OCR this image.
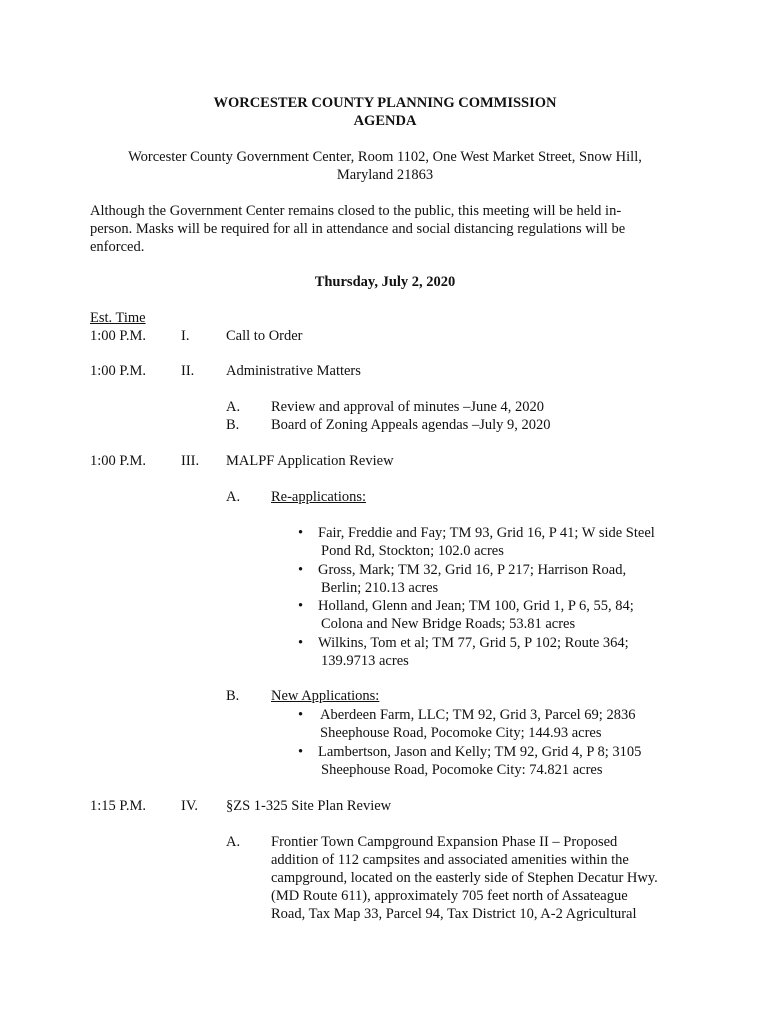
WORCESTER COUNTY PLANNING COMMISSION
AGENDA
Worcester County Government Center, Room 1102, One West Market Street, Snow Hill,
Maryland 21863
Although the Government Center remains closed to the public, this meeting will be held in-
person. Masks will be required for all in attendance and social distancing regulations will be
enforced.
Thursday, July 2, 2020
Est. Time
1:00 P.M. I.	Call to Order
1:00 P.M. II. Administrative Matters
A. Review and approval of minutes –June 4, 2020
B. Board of Zoning Appeals agendas –July 9, 2020
1:00 P.M. III. MALPF Application Review
A. Re-applications:
• Fair, Freddie and Fay; TM 93, Grid 16, P 41; W side Steel
Pond Rd, Stockton; 102.0 acres
• Gross, Mark; TM 32, Grid 16, P 217; Harrison Road,
Berlin; 210.13 acres
• Holland, Glenn and Jean; TM 100, Grid 1, P 6, 55, 84;
Colona and New Bridge Roads; 53.81 acres
• Wilkins, Tom et al; TM 77, Grid 5, P 102; Route 364;
139.9713 acres
B. New Applications:
• Aberdeen Farm, LLC; TM 92, Grid 3, Parcel 69; 2836
Sheephouse Road, Pocomoke City; 144.93 acres
• Lambertson, Jason and Kelly; TM 92, Grid 4, P 8; 3105
Sheephouse Road, Pocomoke City: 74.821 acres
1:15 P.M. IV. §ZS 1-325 Site Plan Review
A. Frontier Town Campground Expansion Phase II – Proposed
addition of 112 campsites and associated amenities within the
campground, located on the easterly side of Stephen Decatur Hwy.
(MD Route 611), approximately 705 feet north of Assateague
Road, Tax Map 33, Parcel 94, Tax District 10, A-2 Agricultural
